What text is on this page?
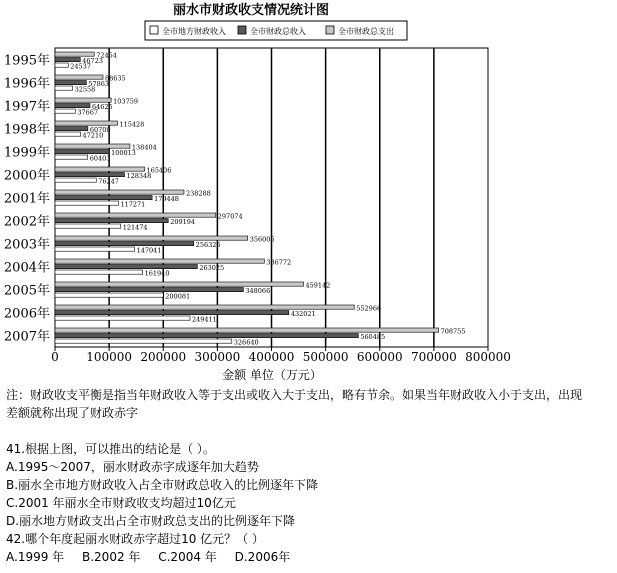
丽水市财政收支情况统计图
全市地方财政收入	全市财政总收入	全市财政总支出
0 100000 200000 300000 400000 500000 600000 700000 800000
金额 单位（万元）
1995年	72454
46723
24537
1996年	88635
57863
32558
1997年	103759
64625
37667
1998年	115428
60700
47210
1999年	138404
100013
60403
2000年	165406
128348
76247
2001年	238288
179448
117271
2002年	297074
209194
121474
2003年	356005
256326
147041
2004年	386772
263025
161940
2005年	459142
348066
200081
2006年	552966
432021
249411
2007年	708755
560485
326640
注：财政收支平衡是指当年财政收入等于支出或收入大于支出，略有节余。如果当年财政收入小于支出，出现
差额就称出现了财政赤字
41.根据上图，可以推出的结论是（ ）。
A.1995～2007，丽水财政赤字成逐年加大趋势
B.丽水全市地方财政收入占全市财政总收入的比例逐年下降
C.2001 年丽水全市财政收支均超过10亿元
D.丽水地方财政支出占全市财政总支出的比例逐年下降
42.哪个年度起丽水财政赤字超过10 亿元？（ ）
A.1999 年 B.2002 年 C.2004 年 D.2006年
